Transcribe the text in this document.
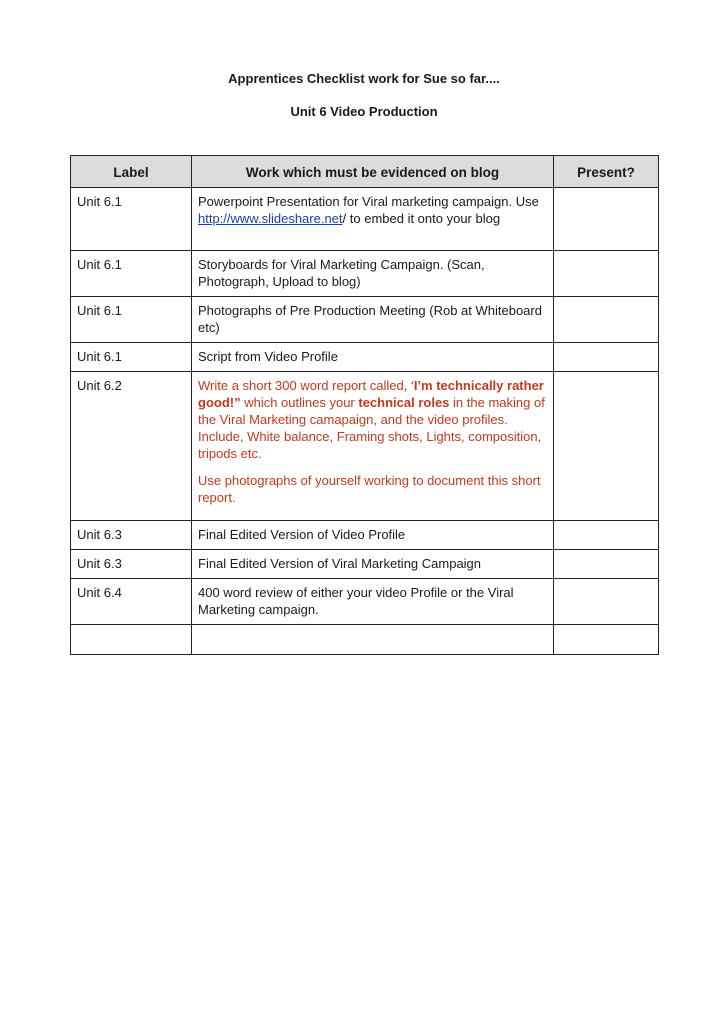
Apprentices Checklist work for Sue so far....
Unit 6 Video Production
Label	Work which must be evidenced on blog	Present?
Unit 6.1	Powerpoint Presentation for Viral marketing campaign. Use http://www.slideshare.net/ to embed it onto your blog	
Unit 6.1	Storyboards for Viral Marketing Campaign. (Scan, Photograph, Upload to blog)	
Unit 6.1	Photographs of Pre Production Meeting (Rob at Whiteboard etc)	
Unit 6.1	Script from Video Profile	
Unit 6.2	Write a short 300 word report called, ‘I’m technically rather good!” which outlines your technical roles in the making of the Viral Marketing camapaign, and the video profiles. Include, White balance, Framing shots, Lights, composition, tripods etc.
Use photographs of yourself working to document this short report.	

Unit 6.3	Final Edited Version of Video Profile	
Unit 6.3	Final Edited Version of Viral Marketing Campaign	
Unit 6.4	400 word review of either your video Profile or the Viral Marketing campaign.	
